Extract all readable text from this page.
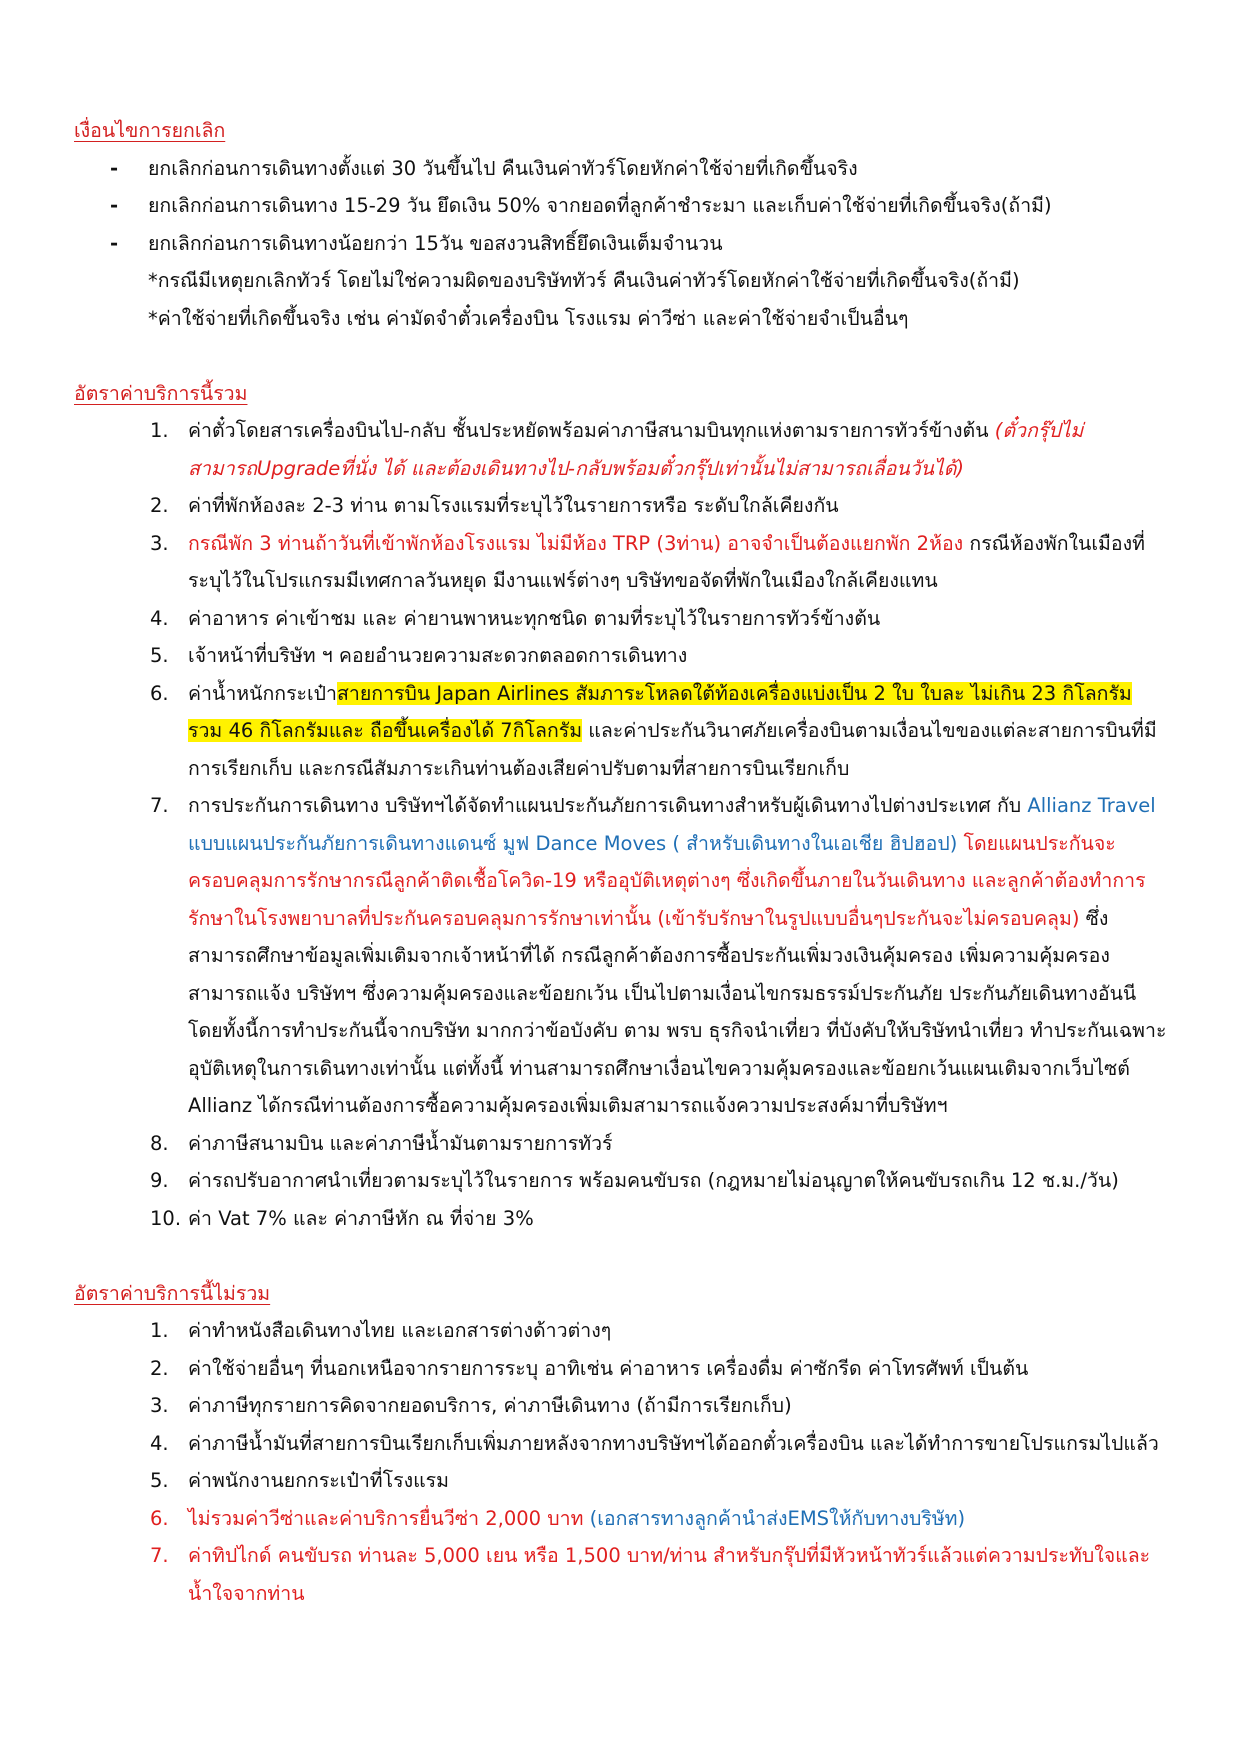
เงื่อนไขการยกเลิก

- ยกเลิกก่อนการเดินทางตั้งแต่ 30 วันขึ้นไป คืนเงินค่าทัวร์โดยหักค่าใช้จ่ายที่เกิดขึ้นจริง
- ยกเลิกก่อนการเดินทาง 15-29 วัน ยึดเงิน 50% จากยอดที่ลูกค้าชำระมา และเก็บค่าใช้จ่ายที่เกิดขึ้นจริง(ถ้ามี)
- ยกเลิกก่อนการเดินทางน้อยกว่า 15วัน ขอสงวนสิทธิ์ยึดเงินเต็มจำนวน
*กรณีมีเหตุยกเลิกทัวร์ โดยไม่ใช่ความผิดของบริษัททัวร์ คืนเงินค่าทัวร์โดยหักค่าใช้จ่ายที่เกิดขึ้นจริง(ถ้ามี)
*ค่าใช้จ่ายที่เกิดขึ้นจริง เช่น ค่ามัดจำตั๋วเครื่องบิน โรงแรม ค่าวีซ่า และค่าใช้จ่ายจำเป็นอื่นๆ

อัตราค่าบริการนี้รวม

1. ค่าตั๋วโดยสารเครื่องบินไป-กลับ ชั้นประหยัดพร้อมค่าภาษีสนามบินทุกแห่งตามรายการทัวร์ข้างต้น (ตั๋วกรุ๊ปไม่สามารถUpgradeที่นั่ง ได้ และต้องเดินทางไป-กลับพร้อมตั๋วกรุ๊ปเท่านั้นไม่สามารถเลื่อนวันได้)
2. ค่าที่พักห้องละ 2-3 ท่าน ตามโรงแรมที่ระบุไว้ในรายการหรือ ระดับใกล้เคียงกัน
3. กรณีพัก 3 ท่านถ้าวันที่เข้าพักห้องโรงแรม ไม่มีห้อง TRP (3ท่าน) อาจจำเป็นต้องแยกพัก 2ห้อง กรณีห้องพักในเมืองที่ระบุไว้ในโปรแกรมมีเทศกาลวันหยุด มีงานแฟร์ต่างๆ บริษัทขอจัดที่พักในเมืองใกล้เคียงแทน
4. ค่าอาหาร ค่าเข้าชม และ ค่ายานพาหนะทุกชนิด ตามที่ระบุไว้ในรายการทัวร์ข้างต้น
5. เจ้าหน้าที่บริษัท ฯ คอยอำนวยความสะดวกตลอดการเดินทาง
6. ค่าน้ำหนักกระเป๋าสายการบิน Japan Airlines สัมภาระโหลดใต้ท้องเครื่องแบ่งเป็น 2 ใบ ใบละ ไม่เกิน 23 กิโลกรัม รวม 46 กิโลกรัมและ ถือขึ้นเครื่องได้ 7กิโลกรัม และค่าประกันวินาศภัยเครื่องบินตามเงื่อนไขของแต่ละสายการบินที่มีการเรียกเก็บ และกรณีสัมภาระเกินท่านต้องเสียค่าปรับตามที่สายการบินเรียกเก็บ
7. การประกันการเดินทาง บริษัทฯได้จัดทำแผนประกันภัยการเดินทางสำหรับผู้เดินทางไปต่างประเทศ กับ Allianz Travel แบบแผนประกันภัยการเดินทางแดนซ์ มูฟ Dance Moves ( สำหรับเดินทางในเอเชีย ฮิปฮอป) โดยแผนประกันจะครอบคลุมการรักษากรณีลูกค้าติดเชื้อโควิด-19 หรืออุบัติเหตุต่างๆ ซึ่งเกิดขึ้นภายในวันเดินทาง และลูกค้าต้องทำการรักษาในโรงพยาบาลที่ประกันครอบคลุมการรักษาเท่านั้น (เข้ารับรักษาในรูปแบบอื่นๆประกันจะไม่ครอบคลุม) ซึ่งสามารถศึกษาข้อมูลเพิ่มเติมจากเจ้าหน้าที่ได้ กรณีลูกค้าต้องการซื้อประกันเพิ่มวงเงินคุ้มครอง เพิ่มความคุ้มครองสามารถแจ้ง บริษัทฯ ซึ่งความคุ้มครองและข้อยกเว้น เป็นไปตามเงื่อนไขกรมธรรม์ประกันภัย ประกันภัยเดินทางอันนี โดยทั้งนี้การทำประกันนี้จากบริษัท มากกว่าข้อบังคับ ตาม พรบ ธุรกิจนำเที่ยว ที่บังคับให้บริษัทนำเที่ยว ทำประกันเฉพาะอุบัติเหตุในการเดินทางเท่านั้น แต่ทั้งนี้ ท่านสามารถศึกษาเงื่อนไขความคุ้มครองและข้อยกเว้นแผนเติมจากเว็บไซต์ Allianz ได้กรณีท่านต้องการซื้อความคุ้มครองเพิ่มเติมสามารถแจ้งความประสงค์มาที่บริษัทฯ
8. ค่าภาษีสนามบิน และค่าภาษีน้ำมันตามรายการทัวร์
9. ค่ารถปรับอากาศนำเที่ยวตามระบุไว้ในรายการ พร้อมคนขับรถ (กฎหมายไม่อนุญาตให้คนขับรถเกิน 12 ช.ม./วัน)
10. ค่า Vat 7% และ ค่าภาษีหัก ณ ที่จ่าย 3%

อัตราค่าบริการนี้ไม่รวม

1. ค่าทำหนังสือเดินทางไทย และเอกสารต่างด้าวต่างๆ
2. ค่าใช้จ่ายอื่นๆ ที่นอกเหนือจากรายการระบุ อาทิเช่น ค่าอาหาร เครื่องดื่ม ค่าซักรีด ค่าโทรศัพท์ เป็นต้น
3. ค่าภาษีทุกรายการคิดจากยอดบริการ, ค่าภาษีเดินทาง (ถ้ามีการเรียกเก็บ)
4. ค่าภาษีน้ำมันที่สายการบินเรียกเก็บเพิ่มภายหลังจากทางบริษัทฯได้ออกตั๋วเครื่องบิน และได้ทำการขายโปรแกรมไปแล้ว
5. ค่าพนักงานยกกระเป๋าที่โรงแรม
6. ไม่รวมค่าวีซ่าและค่าบริการยื่นวีซ่า 2,000 บาท (เอกสารทางลูกค้านำส่งEMSให้กับทางบริษัท)
7. ค่าทิปไกด์ คนขับรถ ท่านละ 5,000 เยน หรือ 1,500 บาท/ท่าน สำหรับกรุ๊ปที่มีหัวหน้าทัวร์แล้วแต่ความประทับใจและน้ำใจจากท่าน
